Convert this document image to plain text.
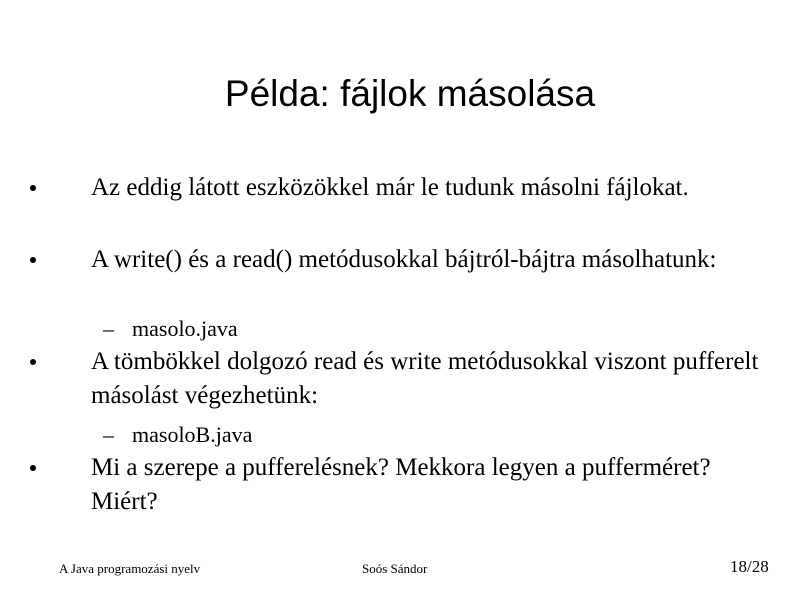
Példa: fájlok másolása
Az eddig látott eszközökkel már le tudunk másolni fájlokat.
A write() és a read() metódusokkal bájtról-bájtra másolhatunk:
– masolo.java
A tömbökkel dolgozó read és write metódusokkal viszont pufferelt másolást végezhetünk:
– masoloB.java
Mi a szerepe a pufferelésnek? Mekkora legyen a pufferméret? Miért?
A Java programozási nyelv	Soós Sándor	18/28
